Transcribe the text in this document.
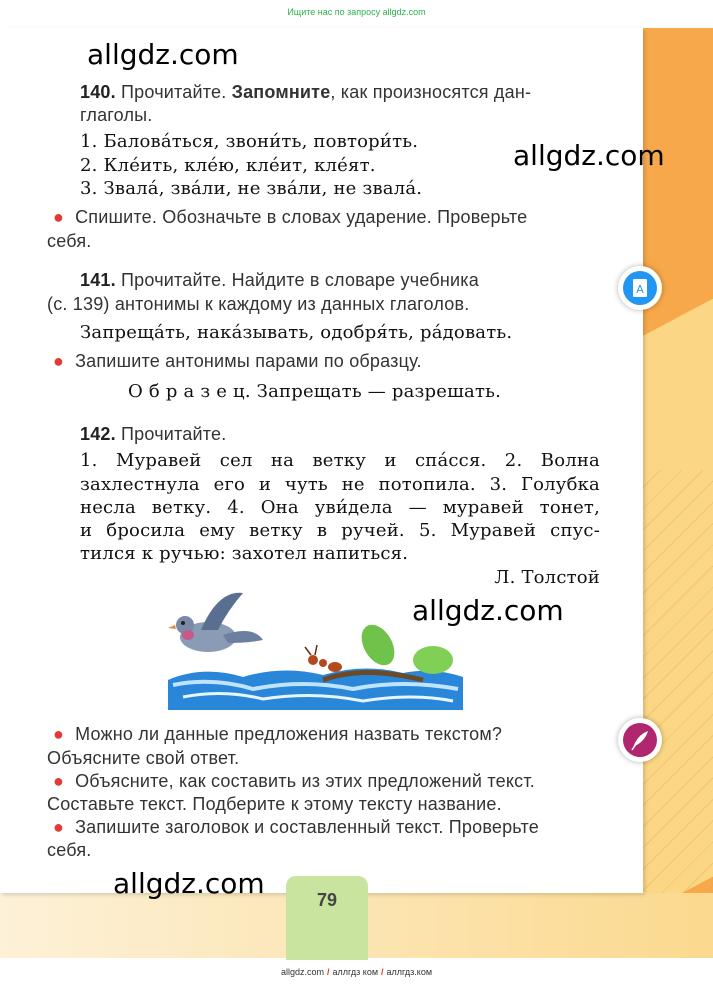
Ищите нас по запросу allgdz.com
allgdz.com
allgdz.com
allgdz.com
allgdz.com
140. Прочитайте. Запомните, как произносятся дан-
глаголы.
1. Балова́ться, звони́ть, повтори́ть.
2. Кле́ить, кле́ю, кле́ит, кле́ят.
3. Звала́, зва́ли, не зва́ли, не звала́.
● Спишите. Обозначьте в словах ударение. Проверьте
себя.
141. Прочитайте. Найдите в словаре учебника
(с. 139) антонимы к каждому из данных глаголов.
Запреща́ть, нака́зывать, одобря́ть, ра́довать.
● Запишите антонимы парами по образцу.
О б р а з е ц. Запрещать — разрешать.
A
142. Прочитайте.
1. Муравей сел на ветку и спа́сся. 2. Волна
захлестнула его и чуть не потопила. 3. Голубка
несла ветку. 4. Она уви́дела — муравей тонет,
и бросила ему ветку в ручей. 5. Муравей спус-
тился к ручью: захотел напиться.
Л. Толстой
● Можно ли данные предложения назвать текстом?
Объясните свой ответ.
● Объясните, как составить из этих предложений текст.
Составьте текст. Подберите к этому тексту название.
● Запишите заголовок и составленный текст. Проверьте
себя.
79
allgdz.com / аллгдз ком / аллгдз.ком
